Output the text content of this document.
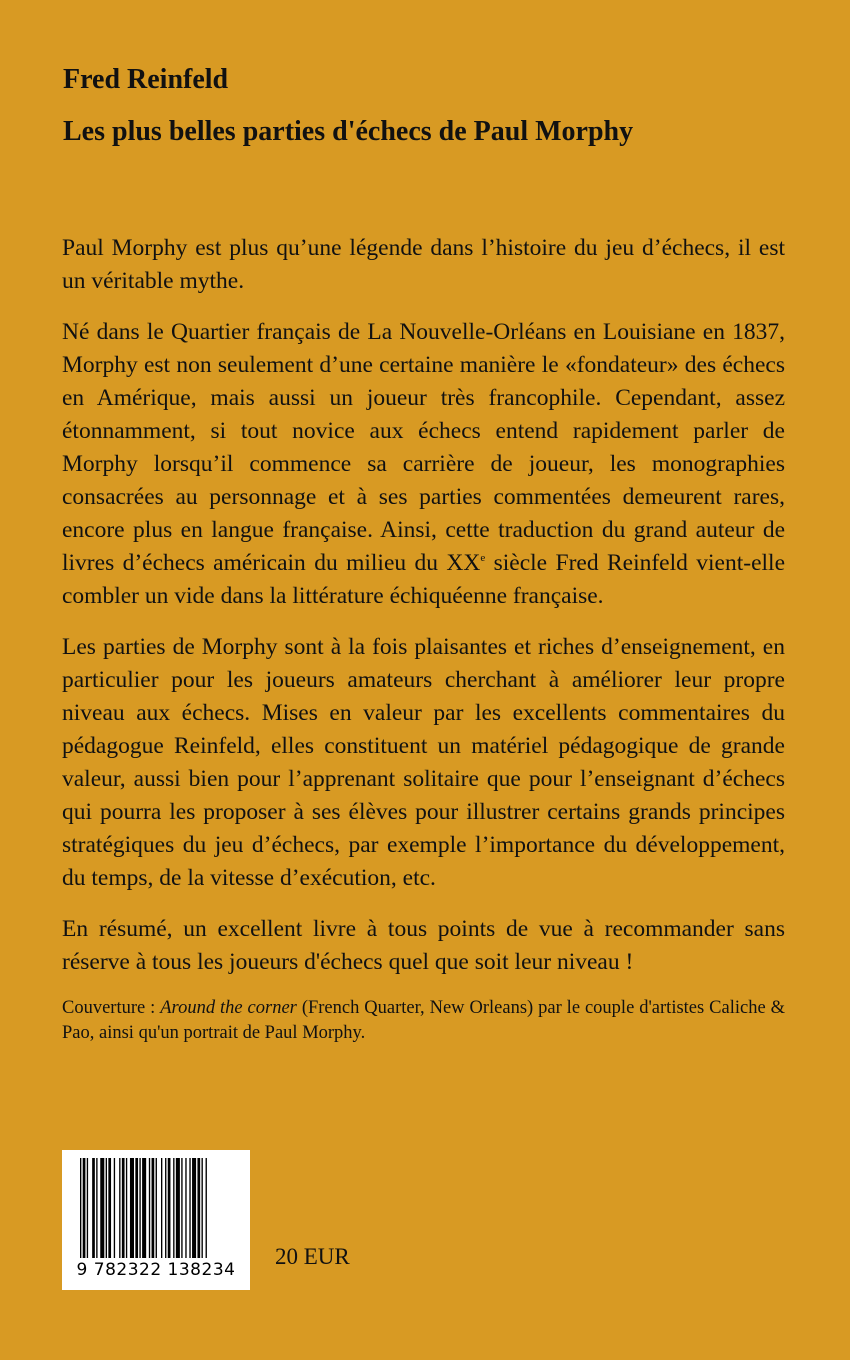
Fred Reinfeld
Les plus belles parties d'échecs de Paul Morphy

Paul Morphy est plus qu’une légende dans l’histoire du jeu d’échecs, il est un véritable mythe.

Né dans le Quartier français de La Nouvelle-Orléans en Louisiane en 1837, Morphy est non seulement d’une certaine manière le «fondateur» des échecs en Amérique, mais aussi un joueur très francophile. Cependant, assez étonnamment, si tout novice aux échecs entend rapidement parler de Morphy lorsqu’il commence sa carrière de joueur, les monographies consacrées au personnage et à ses parties commentées demeurent rares, encore plus en langue française. Ainsi, cette traduction du grand auteur de livres d’échecs américain du milieu du XXe siècle Fred Reinfeld vient-elle combler un vide dans la littérature échiquéenne française.

Les parties de Morphy sont à la fois plaisantes et riches d’enseignement, en particulier pour les joueurs amateurs cherchant à améliorer leur propre niveau aux échecs. Mises en valeur par les excellents commentaires du pédagogue Reinfeld, elles constituent un matériel pédagogique de grande valeur, aussi bien pour l’apprenant solitaire que pour l’enseignant d’échecs qui pourra les proposer à ses élèves pour illustrer certains grands principes stratégiques du jeu d’échecs, par exemple l’importance du développement, du temps, de la vitesse d’exécution, etc.

En résumé, un excellent livre à tous points de vue à recommander sans réserve à tous les joueurs d'échecs quel que soit leur niveau !

Couverture : Around the corner (French Quarter, New Orleans) par le couple d'artistes Caliche & Pao, ainsi qu'un portrait de Paul Morphy.

9 782322 138234

20 EUR
